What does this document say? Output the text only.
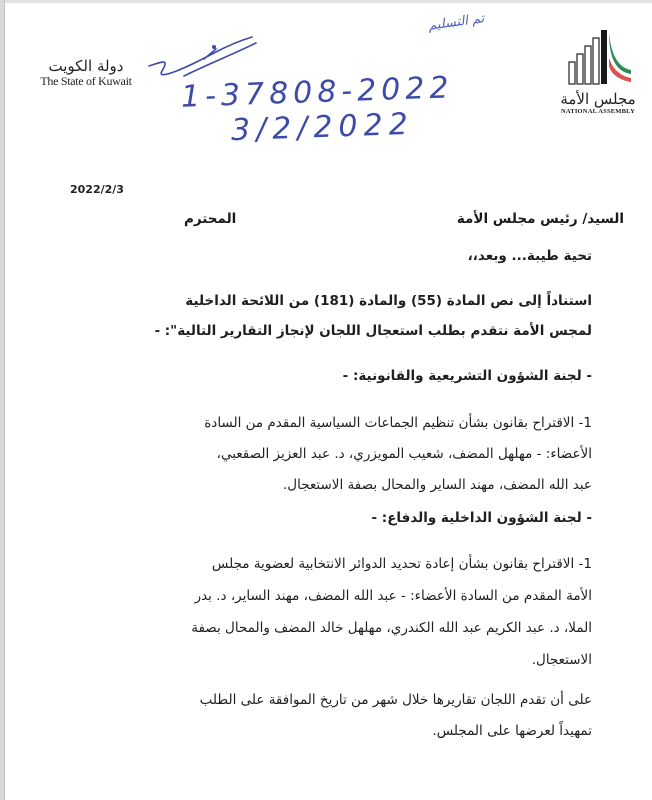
دولة الكويت
The State of Kuwait
تم التسليم
1-37808-2022
3/2/2022
مجلس الأمة
NATIONAL ASSEMBLY
2022/2/3
السيد/ رئيس مجلس الأمة
المحترم
تحية طيبة... وبعد،،
استناداً إلى نص المادة (55) والمادة (181) من اللائحة الداخلية
لمجس الأمة نتقدم بطلب استعجال اللجان لإنجاز التقارير التالية": -
- لجنة الشؤون التشريعية والقانونية: -
1- الاقتراح بقانون بشأن تنظيم الجماعات السياسية المقدم من السادة
الأعضاء: - مهلهل المضف، شعيب المويزري، د. عبد العزيز الصقعبي،
عبد الله المضف، مهند الساير والمحال بصفة الاستعجال.
- لجنة الشؤون الداخلية والدفاع: -
1- الاقتراح بقانون بشأن إعادة تحديد الدوائر الانتخابية لعضوية مجلس
الأمة المقدم من السادة الأعضاء: - عبد الله المضف، مهند الساير، د. بدر
الملا، د. عبد الكريم عبد الله الكندري، مهلهل خالد المضف والمحال بصفة
الاستعجال.
على أن تقدم اللجان تقاريرها خلال شهر من تاريخ الموافقة على الطلب
تمهيداً لعرضها على المجلس.
